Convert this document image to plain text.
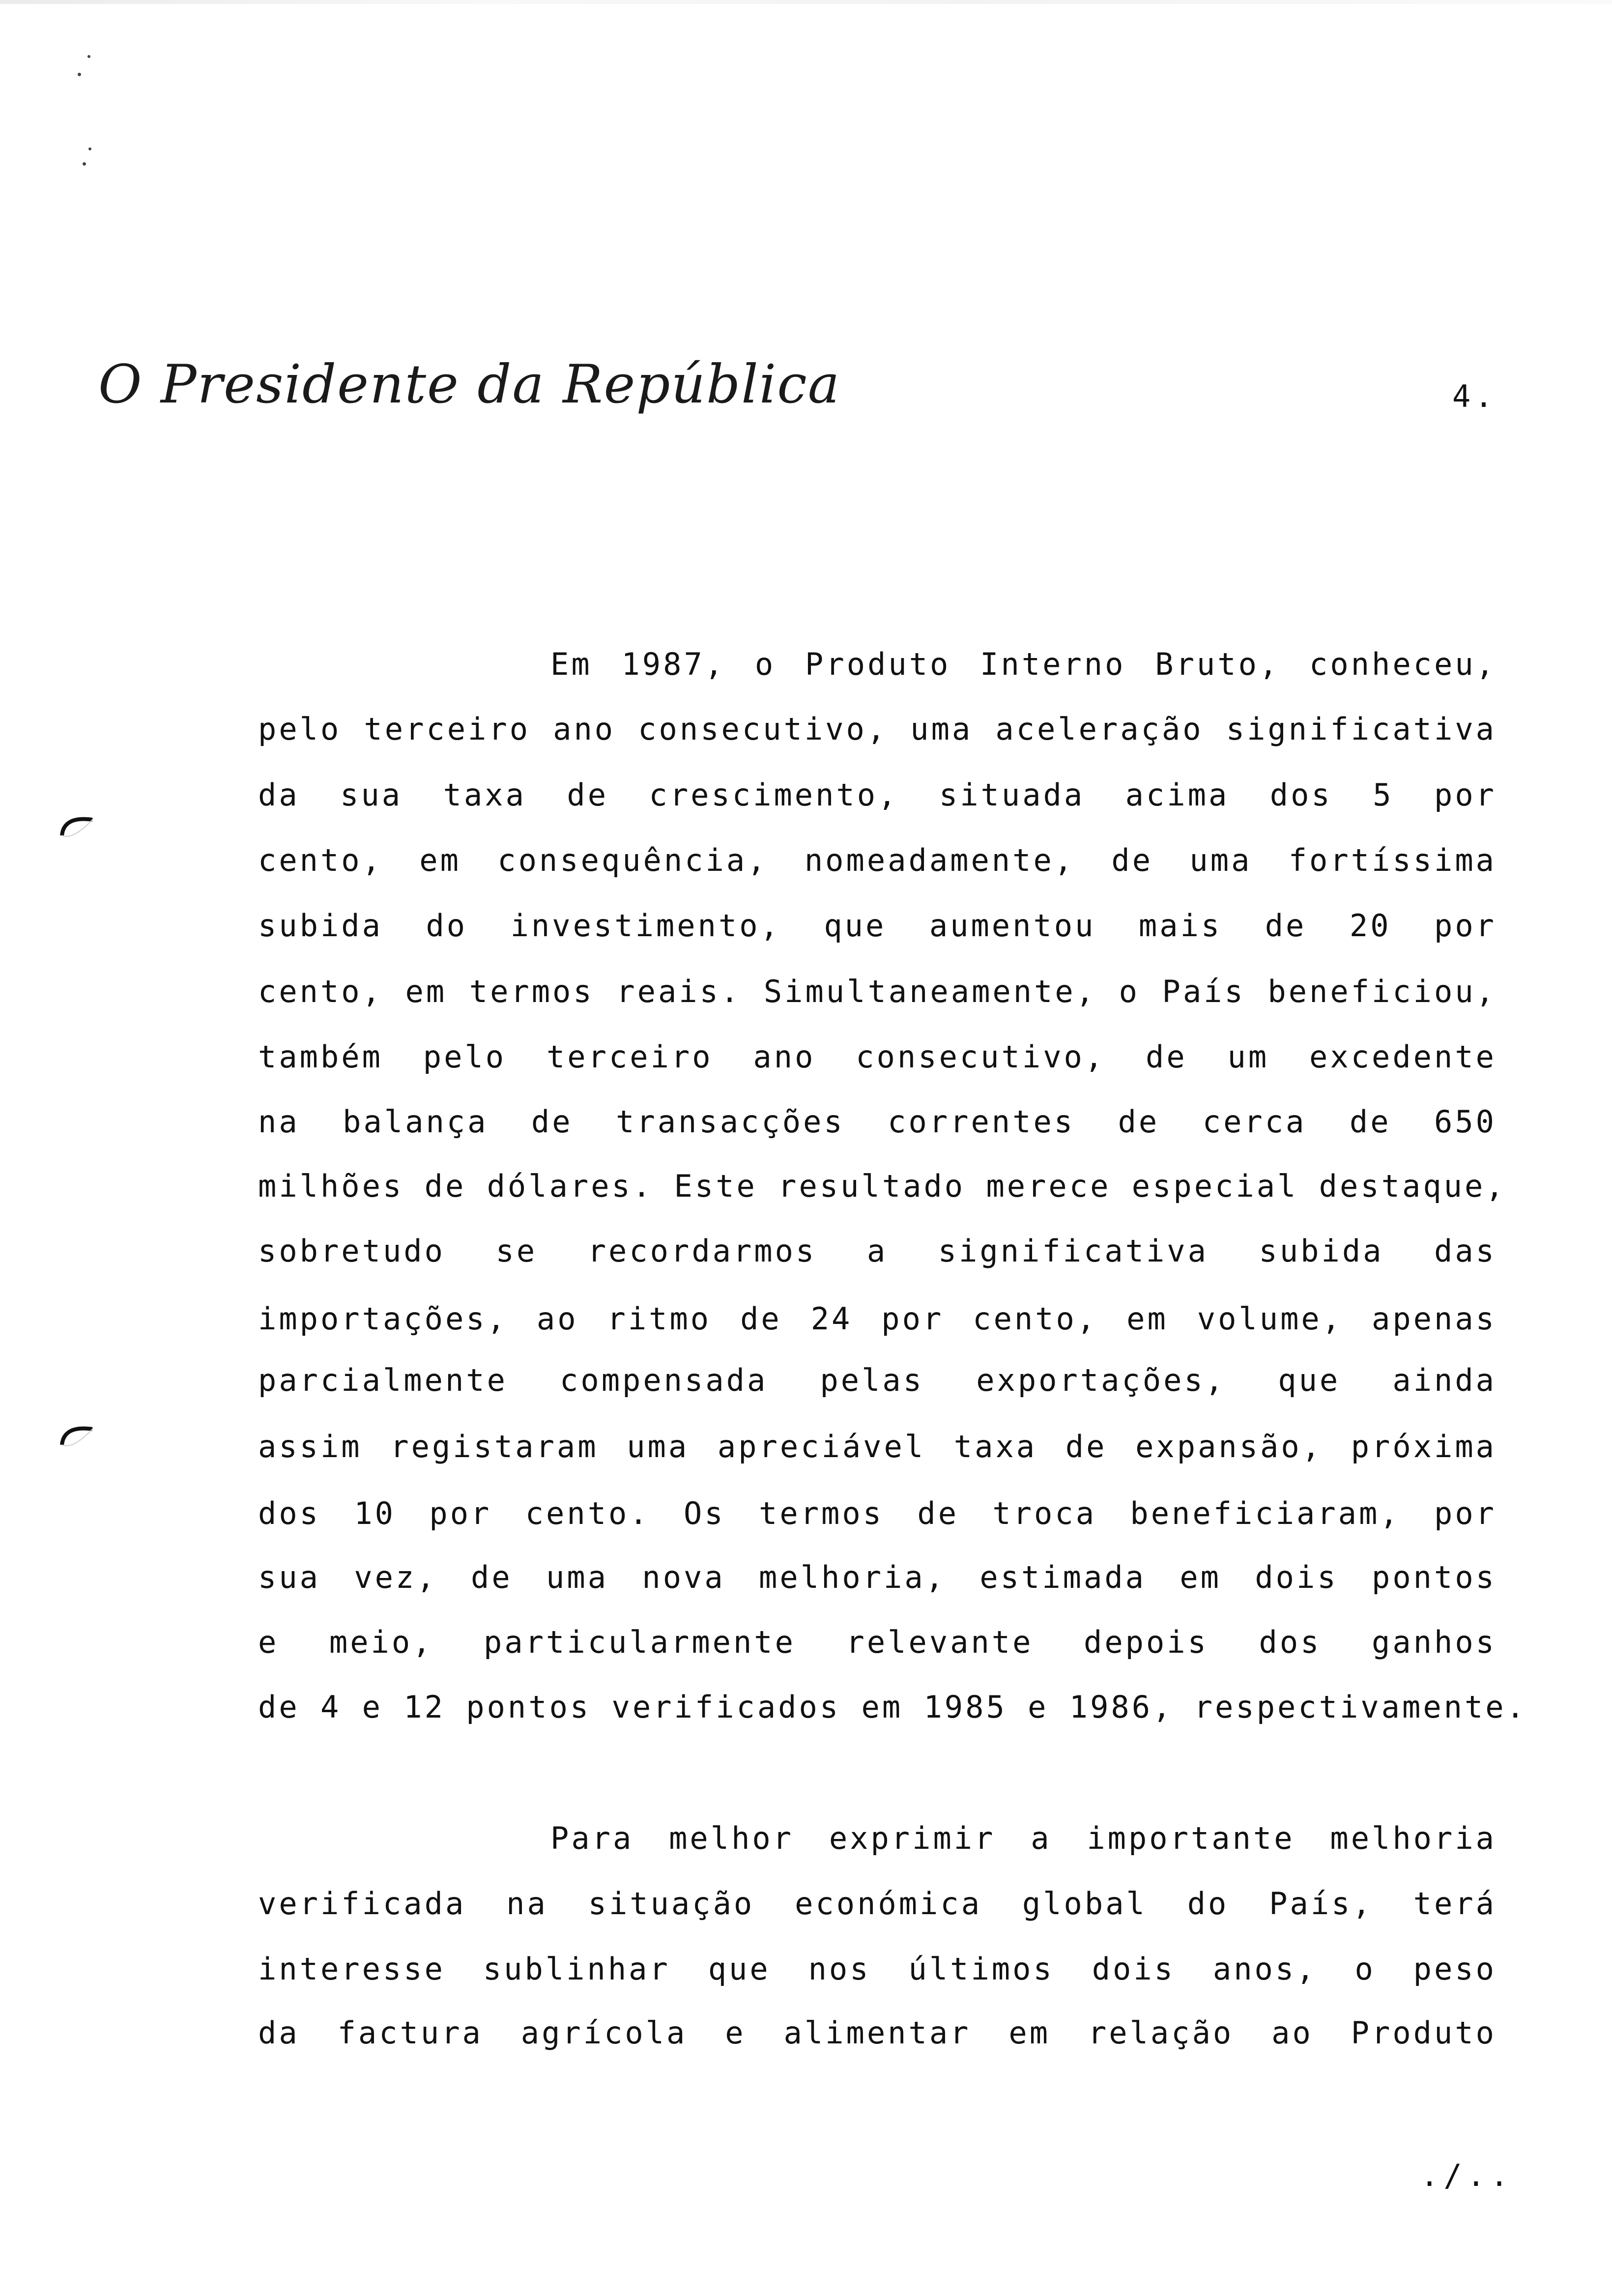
O Presidente da República	4.
Em 1987, o Produto Interno Bruto, conheceu,
pelo terceiro ano consecutivo, uma aceleração significativa
da sua taxa de crescimento, situada acima dos 5 por
cento, em consequência, nomeadamente, de uma fortíssima
subida do investimento, que aumentou mais de 20 por
cento, em termos reais. Simultaneamente, o País beneficiou,
também pelo terceiro ano consecutivo, de um excedente
na balança de transacções correntes de cerca de 650
milhões de dólares. Este resultado merece especial destaque,
sobretudo se recordarmos a significativa subida das
importações, ao ritmo de 24 por cento, em volume, apenas
parcialmente compensada pelas exportações, que ainda
assim registaram uma apreciável taxa de expansão, próxima
dos 10 por cento. Os termos de troca beneficiaram, por
sua vez, de uma nova melhoria, estimada em dois pontos
e meio, particularmente relevante depois dos ganhos
de 4 e 12 pontos verificados em 1985 e 1986, respectivamente.
Para melhor exprimir a importante melhoria
verificada na situação económica global do País, terá
interesse sublinhar que nos últimos dois anos, o peso
da factura agrícola e alimentar em relação ao Produto
./..
